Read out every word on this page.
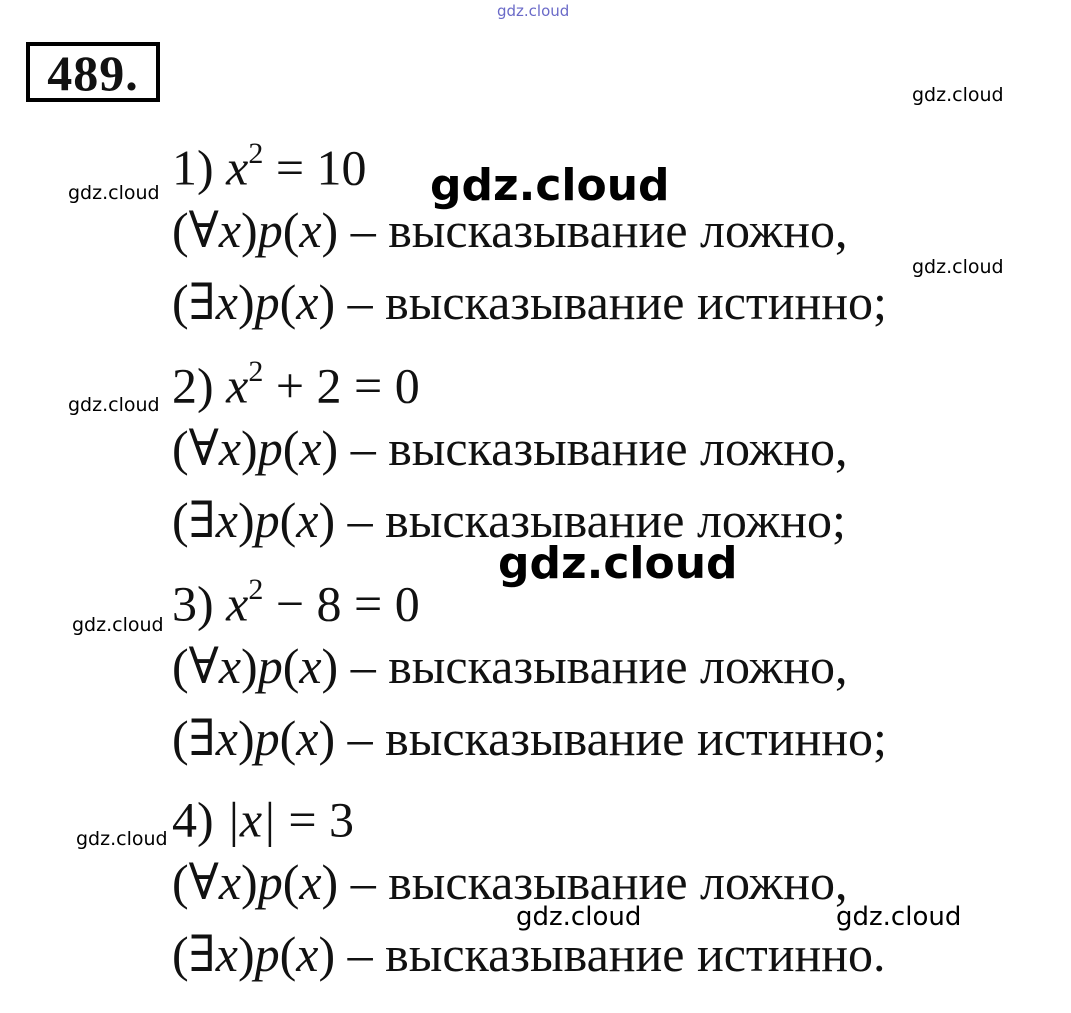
489.
1) $x^2 = 10$
(∀x)p(x) – высказывание ложно,
(∃x)p(x) – высказывание истинно;
2) $x^2 + 2 = 0$
(∀x)p(x) – высказывание ложно,
(∃x)p(x) – высказывание ложно;
3) $x^2 - 8 = 0$
(∀x)p(x) – высказывание ложно,
(∃x)p(x) – высказывание истинно;
4) |x| = 3
(∀x)p(x) – высказывание ложно,
(∃x)p(x) – высказывание истинно.
gdz.cloud
gdz.cloud
gdz.cloud	gdz.cloud
gdz.cloud
gdz.cloud
gdz.cloud
gdz.cloud
gdz.cloud
gdz.cloud	gdz.cloud
